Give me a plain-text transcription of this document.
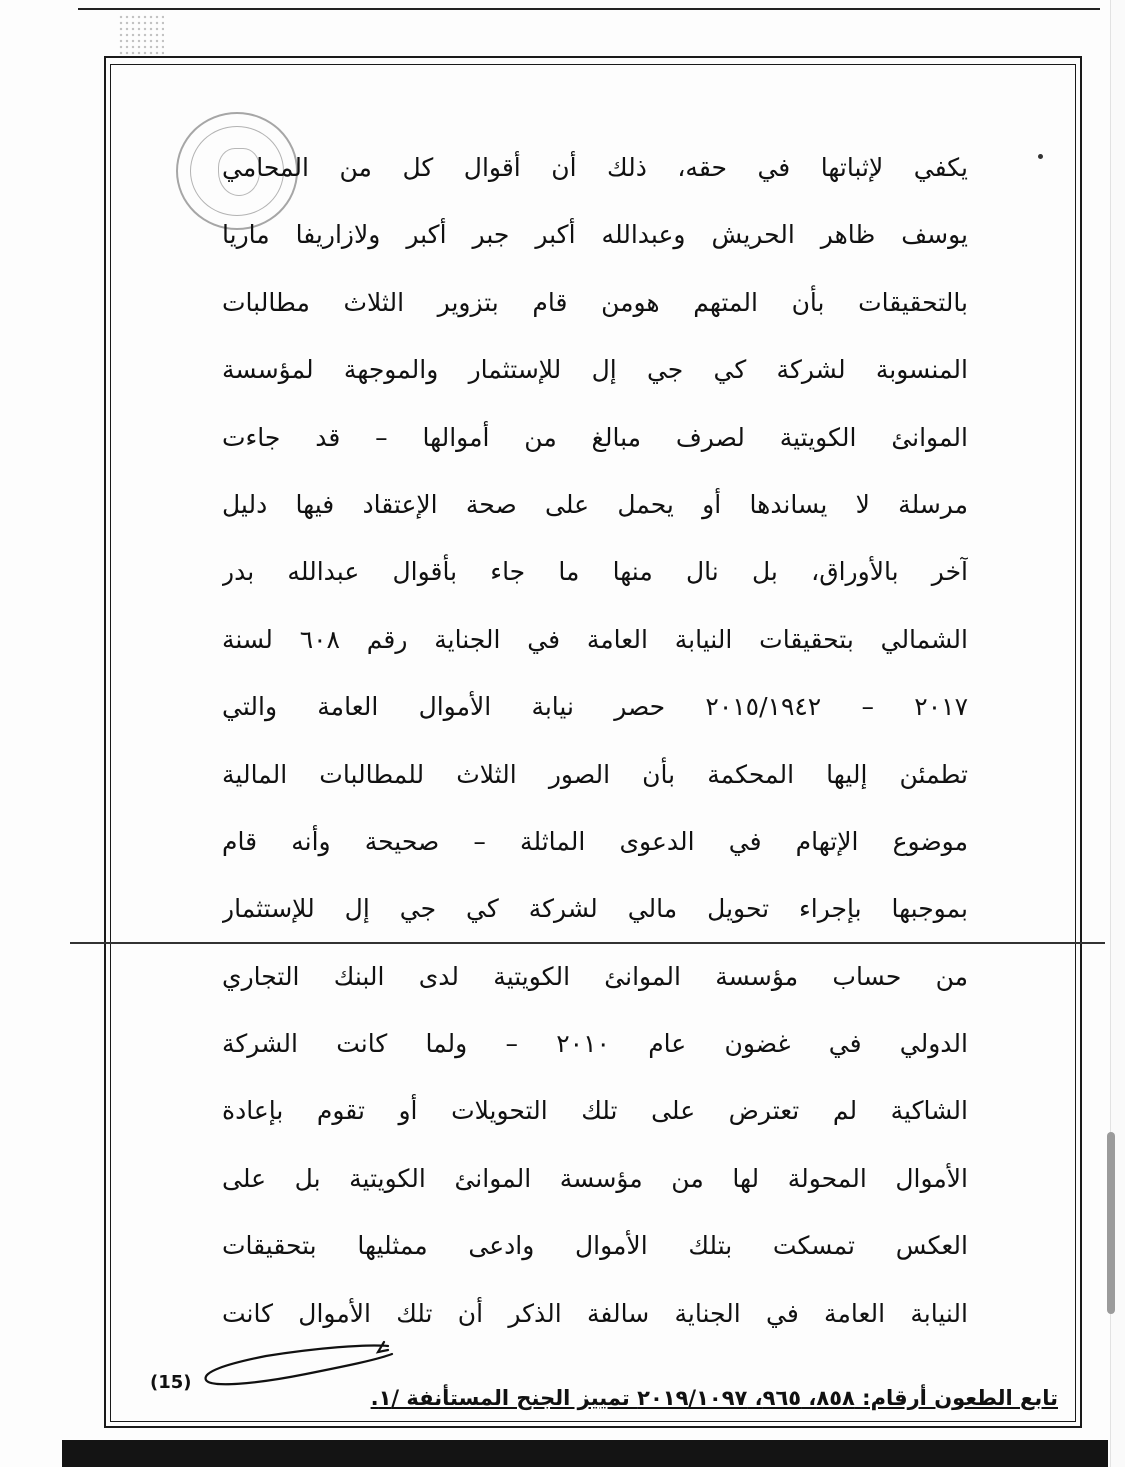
يكفي لإثباتها في حقه، ذلك أن أقوال كل من المحامي
يوسف ظاهر الحريش وعبدالله أكبر جبر أكبر ولازاريفا ماريا
بالتحقيقات بأن المتهم هومن قام بتزوير الثلاث مطالبات
المنسوبة لشركة كي جي إل للإستثمار والموجهة لمؤسسة
الموانئ الكويتية لصرف مبالغ من أموالها – قد جاءت
مرسلة لا يساندها أو يحمل على صحة الإعتقاد فيها دليل
آخر بالأوراق، بل نال منها ما جاء بأقوال عبدالله بدر
الشمالي بتحقيقات النيابة العامة في الجناية رقم ٦٠٨ لسنة
٢٠١٧ – ٢٠١٥/١٩٤٢ حصر نيابة الأموال العامة والتي
تطمئن إليها المحكمة بأن الصور الثلاث للمطالبات المالية
موضوع الإتهام في الدعوى الماثلة – صحيحة وأنه قام
بموجبها بإجراء تحويل مالي لشركة كي جي إل للإستثمار
من حساب مؤسسة الموانئ الكويتية لدى البنك التجاري
الدولي في غضون عام ٢٠١٠ – ولما كانت الشركة
الشاكية لم تعترض على تلك التحويلات أو تقوم بإعادة
الأموال المحولة لها من مؤسسة الموانئ الكويتية بل على
العكس تمسكت بتلك الأموال وادعى ممثليها بتحقيقات
النيابة العامة في الجناية سالفة الذكر أن تلك الأموال كانت
(15)
تابع الطعون أرقام: ٨٥٨، ٩٦٥، ٢٠١٩/١٠٩٧ تمييز الجنح المستأنفة /١.
